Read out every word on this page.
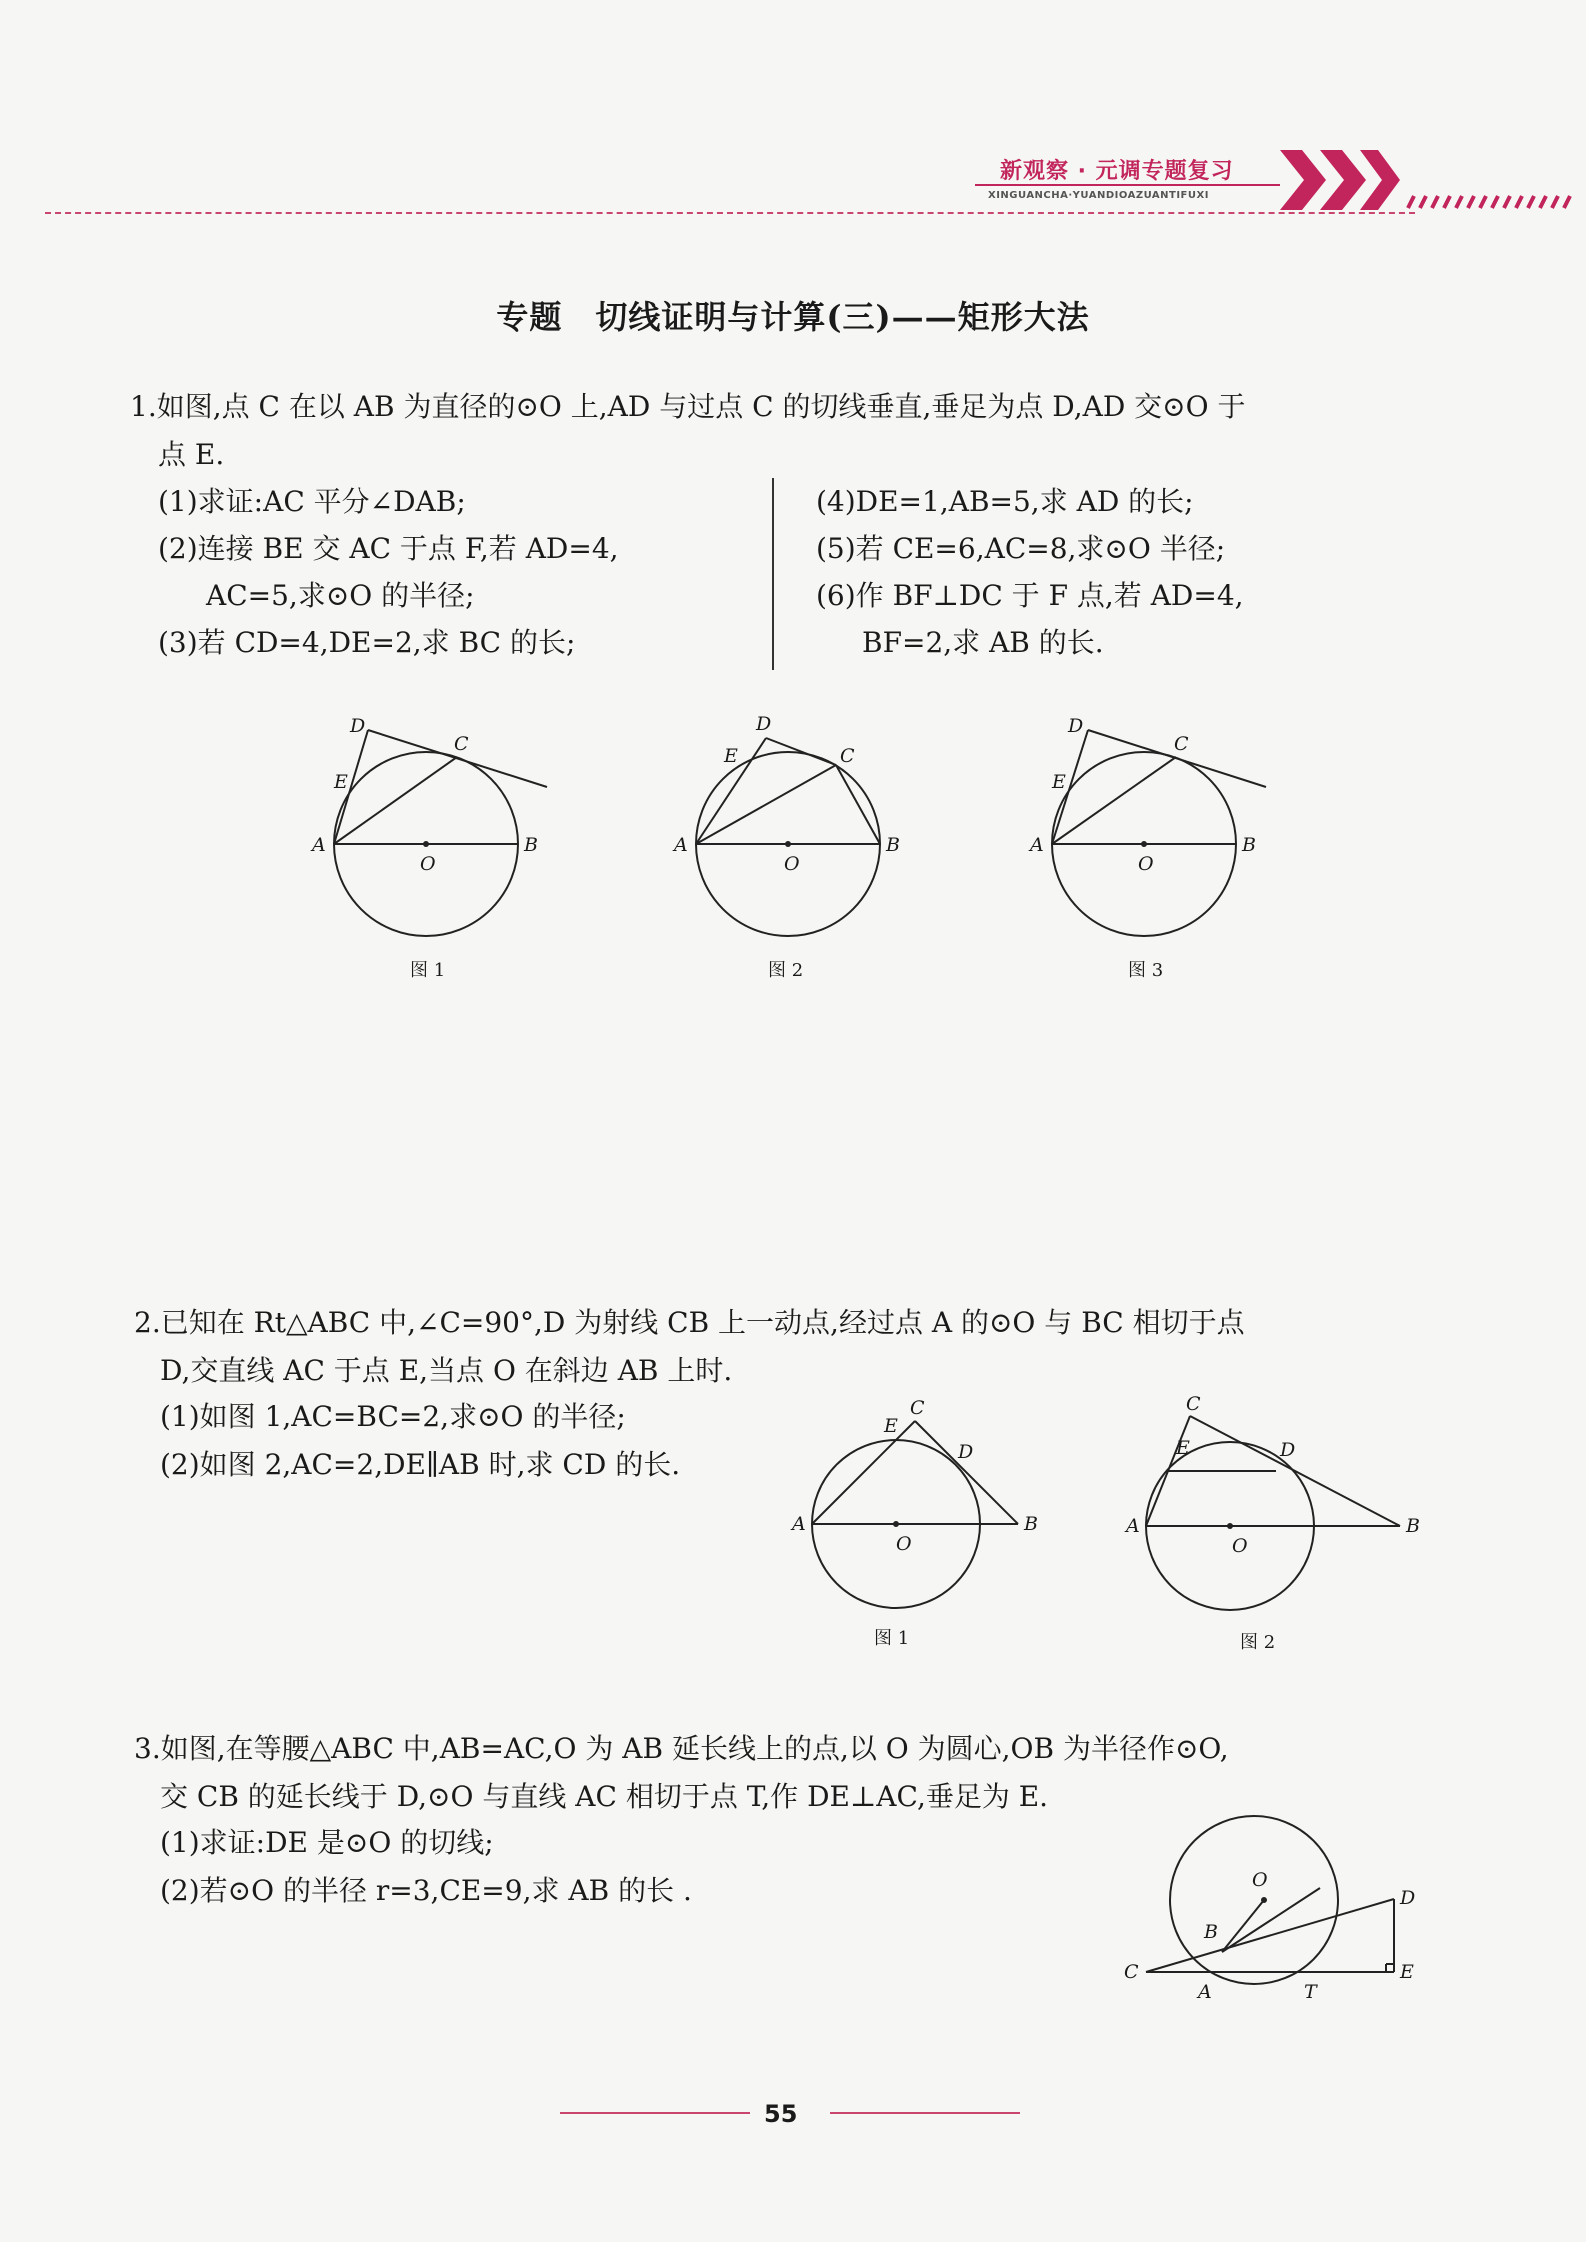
新观察 · 元调专题复习
XINGUANCHA·YUANDIOAZUANTIFUXI
专题　切线证明与计算(三)——矩形大法
1.如图,点 C 在以 AB 为直径的⊙O 上,AD 与过点 C 的切线垂直,垂足为点 D,AD 交⊙O 于
点 E.
(1)求证:AC 平分∠DAB;
(2)连接 BE 交 AC 于点 F,若 AD=4,
AC=5,求⊙O 的半径;
(3)若 CD=4,DE=2,求 BC 的长;
(4)DE=1,AB=5,求 AD 的长;
(5)若 CE=6,AC=8,求⊙O 半径;
(6)作 BF⊥DC 于 F 点,若 AD=4,
BF=2,求 AB 的长.
A	B
C
D
E
O
图 1
A	B
C
D
E
O
图 2
A	B
C
D
E
O
图 3
2.已知在 Rt△ABC 中,∠C=90°,D 为射线 CB 上一动点,经过点 A 的⊙O 与 BC 相切于点
D,交直线 AC 于点 E,当点 O 在斜边 AB 上时.
(1)如图 1,AC=BC=2,求⊙O 的半径;
(2)如图 2,AC=2,DE∥AB 时,求 CD 的长.
A	B
C
D
E
O
图 1
A	B
C
D
E
O
图 2
3.如图,在等腰△ABC 中,AB=AC,O 为 AB 延长线上的点,以 O 为圆心,OB 为半径作⊙O,
交 CB 的延长线于 D,⊙O 与直线 AC 相切于点 T,作 DE⊥AC,垂足为 E.
(1)求证:DE 是⊙O 的切线;
(2)若⊙O 的半径 r=3,CE=9,求 AB 的长 .
C
A
B
T
E
D
O
55
